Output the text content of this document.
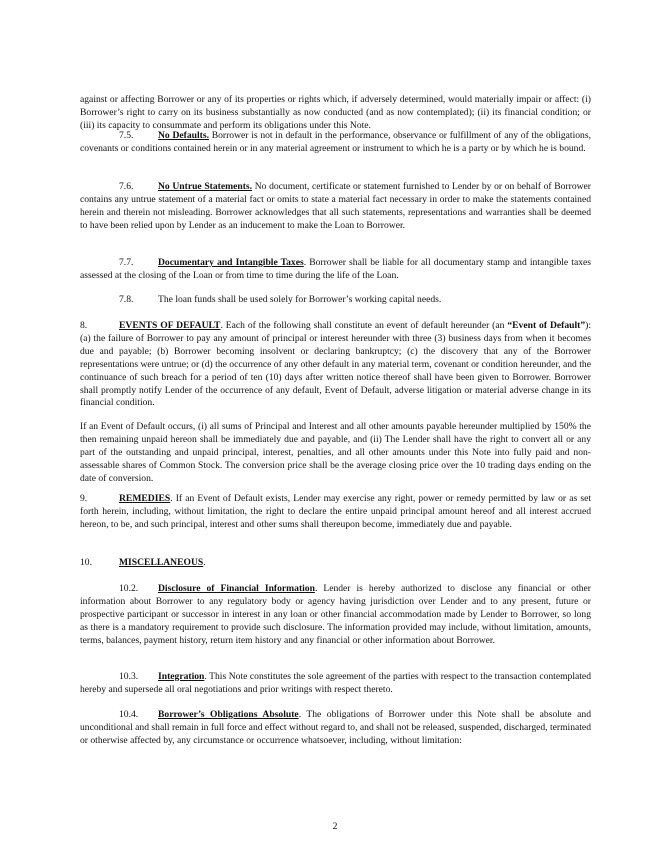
against or affecting Borrower or any of its properties or rights which, if adversely determined, would materially impair or affect: (i) Borrower’s right to carry on its business substantially as now conducted (and as now contemplated); (ii) its financial condition; or (iii) its capacity to consummate and perform its obligations under this Note.

7.5.	No Defaults. Borrower is not in default in the performance, observance or fulfillment of any of the obligations, covenants or conditions contained herein or in any material agreement or instrument to which he is a party or by which he is bound.

7.6.	No Untrue Statements. No document, certificate or statement furnished to Lender by or on behalf of Borrower contains any untrue statement of a material fact or omits to state a material fact necessary in order to make the statements contained herein and therein not misleading. Borrower acknowledges that all such statements, representations and warranties shall be deemed to have been relied upon by Lender as an inducement to make the Loan to Borrower.

7.7.	Documentary and Intangible Taxes. Borrower shall be liable for all documentary stamp and intangible taxes assessed at the closing of the Loan or from time to time during the life of the Loan.

7.8.	The loan funds shall be used solely for Borrower’s working capital needs.

8.	EVENTS OF DEFAULT. Each of the following shall constitute an event of default hereunder (an “Event of Default”): (a) the failure of Borrower to pay any amount of principal or interest hereunder with three (3) business days from when it becomes due and payable; (b) Borrower becoming insolvent or declaring bankruptcy; (c) the discovery that any of the Borrower representations were untrue; or (d) the occurrence of any other default in any material term, covenant or condition hereunder, and the continuance of such breach for a period of ten (10) days after written notice thereof shall have been given to Borrower. Borrower shall promptly notify Lender of the occurrence of any default, Event of Default, adverse litigation or material adverse change in its financial condition.

If an Event of Default occurs, (i) all sums of Principal and Interest and all other amounts payable hereunder multiplied by 150% the then remaining unpaid hereon shall be immediately due and payable, and (ii) The Lender shall have the right to convert all or any part of the outstanding and unpaid principal, interest, penalties, and all other amounts under this Note into fully paid and non-assessable shares of Common Stock. The conversion price shall be the average closing price over the 10 trading days ending on the date of conversion.

9.	REMEDIES. If an Event of Default exists, Lender may exercise any right, power or remedy permitted by law or as set forth herein, including, without limitation, the right to declare the entire unpaid principal amount hereof and all interest accrued hereon, to be, and such principal, interest and other sums shall thereupon become, immediately due and payable.

10.	MISCELLANEOUS.

10.2. Disclosure of Financial Information. Lender is hereby authorized to disclose any financial or other information about Borrower to any regulatory body or agency having jurisdiction over Lender and to any present, future or prospective participant or successor in interest in any loan or other financial accommodation made by Lender to Borrower, so long as there is a mandatory requirement to provide such disclosure. The information provided may include, without limitation, amounts, terms, balances, payment history, return item history and any financial or other information about Borrower.

10.3. Integration. This Note constitutes the sole agreement of the parties with respect to the transaction contemplated hereby and supersede all oral negotiations and prior writings with respect thereto.

10.4. Borrower’s Obligations Absolute. The obligations of Borrower under this Note shall be absolute and unconditional and shall remain in full force and effect without regard to, and shall not be released, suspended, discharged, terminated or otherwise affected by, any circumstance or occurrence whatsoever, including, without limitation:

2
